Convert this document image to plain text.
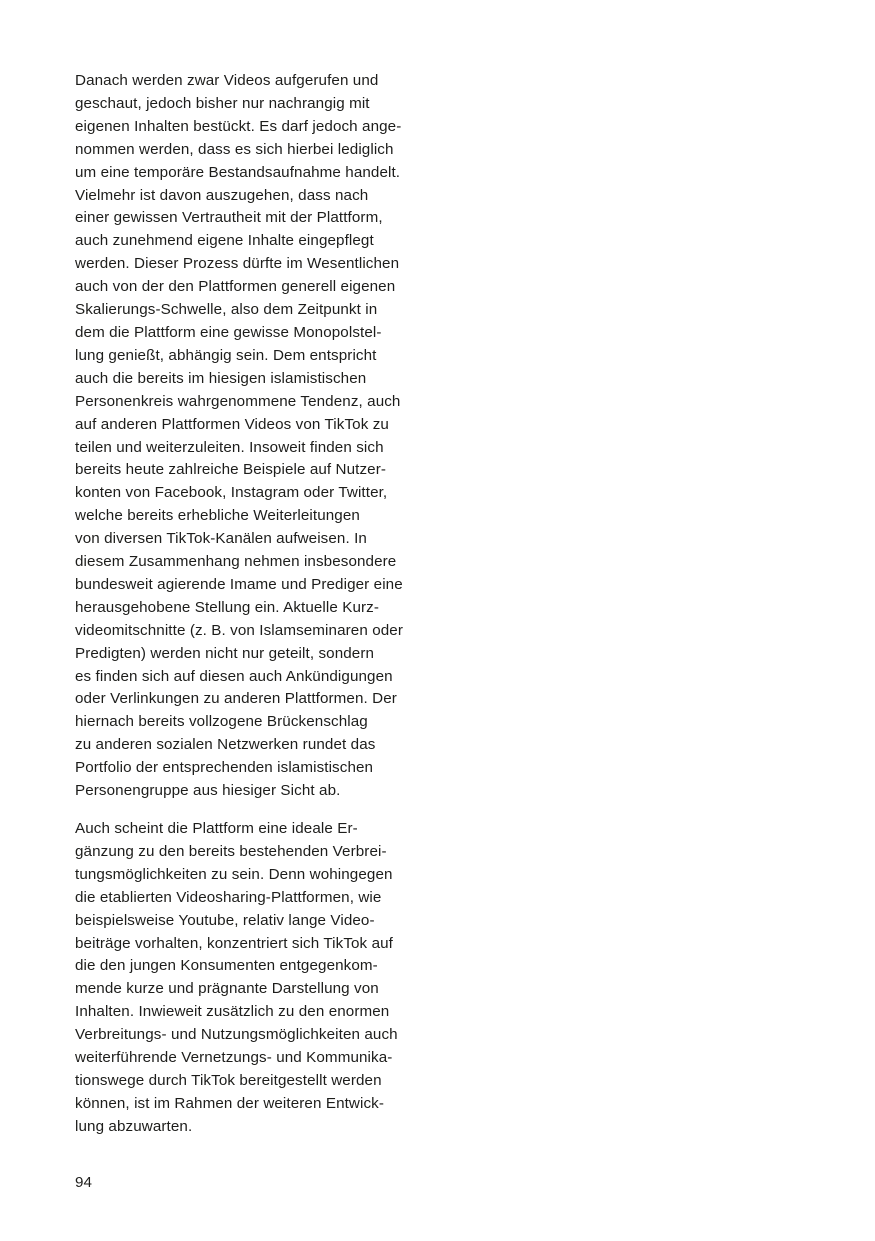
Danach werden zwar Videos aufgerufen und
geschaut, jedoch bisher nur nachrangig mit
eigenen Inhalten bestückt. Es darf jedoch ange-
nommen werden, dass es sich hierbei lediglich
um eine temporäre Bestandsaufnahme handelt.
Vielmehr ist davon auszugehen, dass nach
einer gewissen Vertrautheit mit der Plattform,
auch zunehmend eigene Inhalte eingepflegt
werden. Dieser Prozess dürfte im Wesentlichen
auch von der den Plattformen generell eigenen
Skalierungs-Schwelle, also dem Zeitpunkt in
dem die Plattform eine gewisse Monopolstel-
lung genießt, abhängig sein. Dem entspricht
auch die bereits im hiesigen islamistischen
Personenkreis wahrgenommene Tendenz, auch
auf anderen Plattformen Videos von TikTok zu
teilen und weiterzuleiten. Insoweit finden sich
bereits heute zahlreiche Beispiele auf Nutzer-
konten von Facebook, Instagram oder Twitter,
welche bereits erhebliche Weiterleitungen
von diversen TikTok-Kanälen aufweisen. In
diesem Zusammenhang nehmen insbesondere
bundesweit agierende Imame und Prediger eine
herausgehobene Stellung ein. Aktuelle Kurz-
videomitschnitte (z. B. von Islamseminaren oder
Predigten) werden nicht nur geteilt, sondern
es finden sich auf diesen auch Ankündigungen
oder Verlinkungen zu anderen Plattformen. Der
hiernach bereits vollzogene Brückenschlag
zu anderen sozialen Netzwerken rundet das
Portfolio der entsprechenden islamistischen
Personengruppe aus hiesiger Sicht ab.

Auch scheint die Plattform eine ideale Er-
gänzung zu den bereits bestehenden Verbrei-
tungsmöglichkeiten zu sein. Denn wohingegen
die etablierten Videosharing-Plattformen, wie
beispielsweise Youtube, relativ lange Video-
beiträge vorhalten, konzentriert sich TikTok auf
die den jungen Konsumenten entgegenkom-
mende kurze und prägnante Darstellung von
Inhalten. Inwieweit zusätzlich zu den enormen
Verbreitungs- und Nutzungsmöglichkeiten auch
weiterführende Vernetzungs- und Kommunika-
tionswege durch TikTok bereitgestellt werden
können, ist im Rahmen der weiteren Entwick-
lung abzuwarten.

94
